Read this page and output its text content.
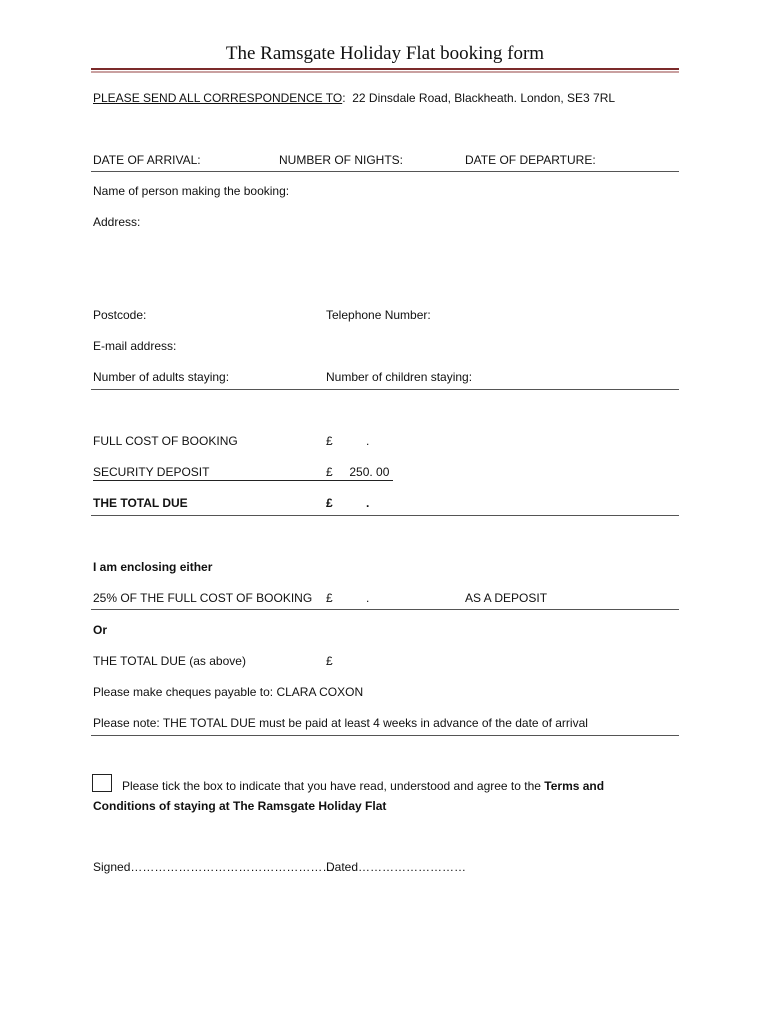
The Ramsgate Holiday Flat booking form
PLEASE SEND ALL CORRESPONDENCE TO: 22 Dinsdale Road, Blackheath. London, SE3 7RL
DATE OF ARRIVAL:	NUMBER OF NIGHTS:	DATE OF DEPARTURE:
Name of person making the booking:
Address:
Postcode:	Telephone Number:
E-mail address:
Number of adults staying:	Number of children staying:
FULL COST OF BOOKING	£          .
SECURITY DEPOSIT	£     250. 00
THE TOTAL DUE	£          .
I am enclosing either
25% OF THE FULL COST OF BOOKING £          .	AS A DEPOSIT
Or
THE TOTAL DUE (as above)	£
Please make cheques payable to: CLARA COXON
Please note: THE TOTAL DUE must be paid at least 4 weeks in advance of the date of arrival
Please tick the box to indicate that you have read, understood and agree to the Terms and
Conditions of staying at The Ramsgate Holiday Flat
Signed……………………………………………
Dated………………………
